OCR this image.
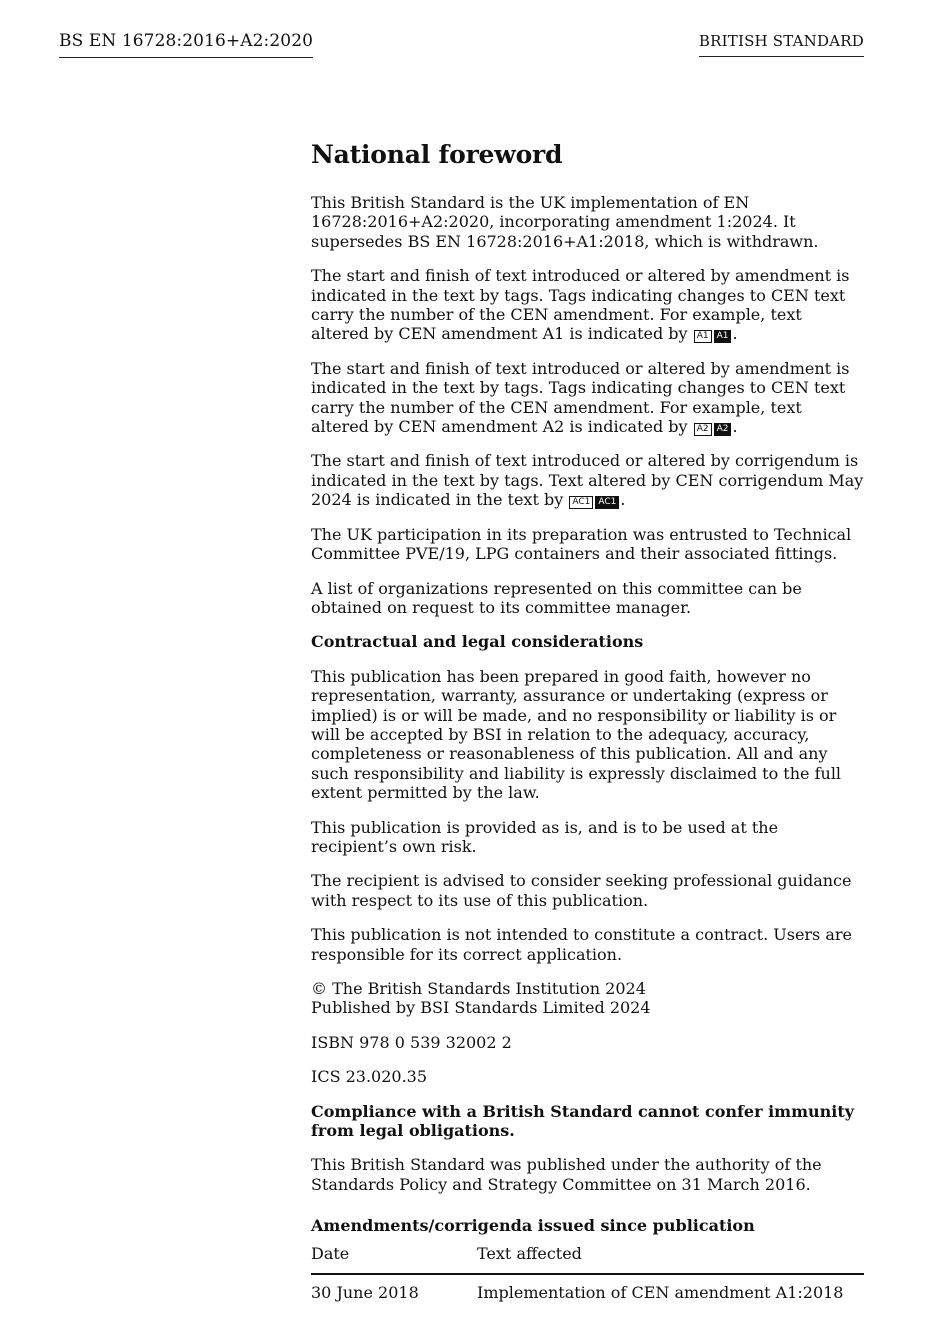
BS EN 16728:2016+A2:2020	BRITISH STANDARD
National foreword

This British Standard is the UK implementation of EN 16728:2016+A2:2020, incorporating amendment 1:2024. It supersedes BS EN 16728:2016+A1:2018, which is withdrawn.

The start and finish of text introduced or altered by amendment is indicated in the text by tags. Tags indicating changes to CEN text carry the number of the CEN amendment. For example, text altered by CEN amendment A1 is indicated by A1 A1 .

The start and finish of text introduced or altered by amendment is indicated in the text by tags. Tags indicating changes to CEN text carry the number of the CEN amendment. For example, text altered by CEN amendment A2 is indicated by A2 A2 .

The start and finish of text introduced or altered by corrigendum is indicated in the text by tags. Text altered by CEN corrigendum May 2024 is indicated in the text by AC1 AC1 .

The UK participation in its preparation was entrusted to Technical Committee PVE/19, LPG containers and their associated fittings.

A list of organizations represented on this committee can be obtained on request to its committee manager.

Contractual and legal considerations

This publication has been prepared in good faith, however no representation, warranty, assurance or undertaking (express or implied) is or will be made, and no responsibility or liability is or will be accepted by BSI in relation to the adequacy, accuracy, completeness or reasonableness of this publication. All and any such responsibility and liability is expressly disclaimed to the full extent permitted by the law.

This publication is provided as is, and is to be used at the recipient’s own risk.

The recipient is advised to consider seeking professional guidance with respect to its use of this publication.

This publication is not intended to constitute a contract. Users are responsible for its correct application.

© The British Standards Institution 2024
Published by BSI Standards Limited 2024

ISBN 978 0 539 32002 2

ICS 23.020.35

Compliance with a British Standard cannot confer immunity from legal obligations.

This British Standard was published under the authority of the Standards Policy and Strategy Committee on 31 March 2016.

Amendments/corrigenda issued since publication
Date	Text affected
30 June 2018	Implementation of CEN amendment A1:2018
